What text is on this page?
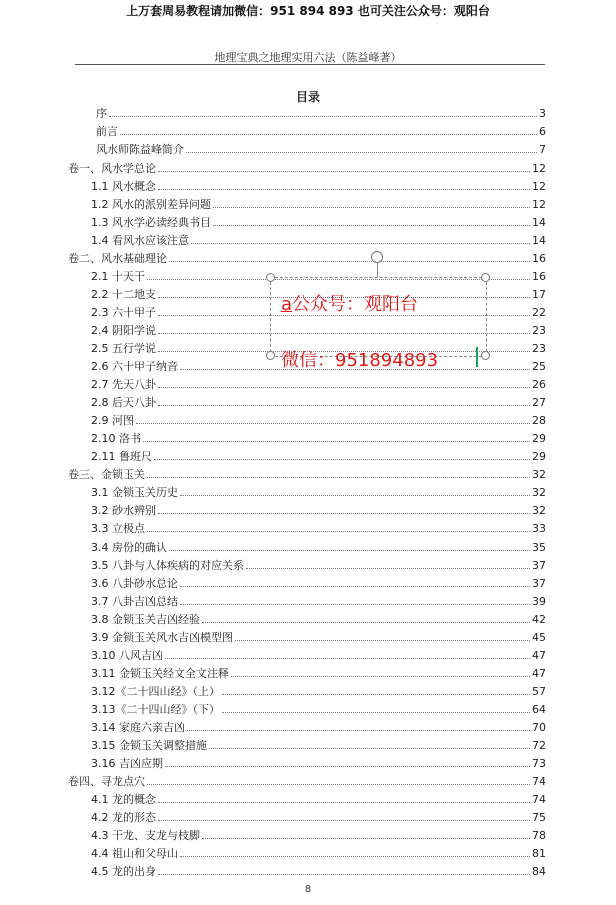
上万套周易教程请加微信：951 894 893 也可关注公众号：观阳台
地理宝典之地理实用六法（陈益峰著）
目录
序	3
前言	6
风水师陈益峰简介	7
卷一、风水学总论	12
1.1 风水概念	12
1.2 风水的派别差异问题	12
1.3 风水学必读经典书目	14
1.4 看风水应该注意	14
卷二、风水基础理论	16
2.1 十天干	16
2.2 十二地支	17
2.3 六十甲子	22
2.4 阴阳学说	23
2.5 五行学说	23
2.6 六十甲子纳音	25
2.7 先天八卦	26
2.8 后天八卦	27
2.9 河图	28
2.10 洛书	29
2.11 鲁班尺	29
卷三、金锁玉关	32
3.1 金锁玉关历史	32
3.2 砂水辨别	32
3.3 立极点	33
3.4 房份的确认	35
3.5 八卦与人体疾病的对应关系	37
3.6 八卦砂水总论	37
3.7 八卦吉凶总结	39
3.8 金锁玉关吉凶经验	42
3.9 金锁玉关风水吉凶模型图	45
3.10 八风吉凶	47
3.11 金锁玉关经文全文注释	47
3.12《二十四山经》（上）	57
3.13《二十四山经》（下）	64
3.14 家庭六亲吉凶	70
3.15 金锁玉关调整措施	72
3.16 吉凶应期	73
卷四、寻龙点穴	74
4.1 龙的概念	74
4.2 龙的形态	75
4.3 干龙、支龙与枝脚	78
4.4 祖山和父母山	81
4.5 龙的出身	84
a公众号：观阳台
微信：951894893
8
